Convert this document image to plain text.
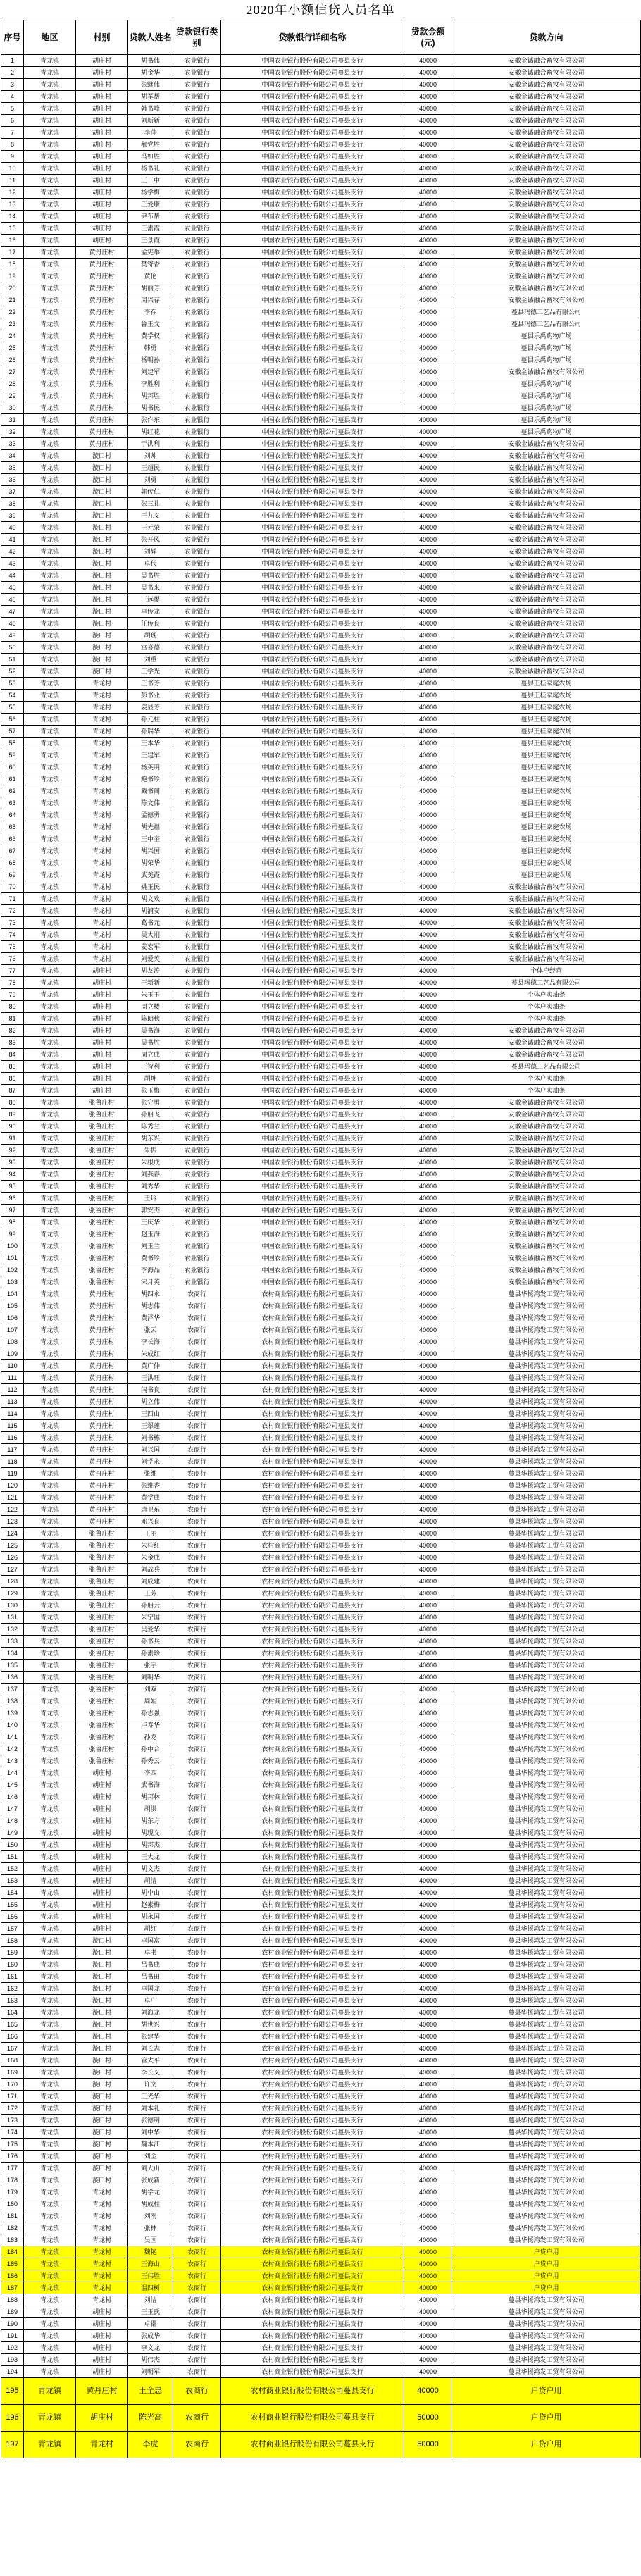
2020年小额信贷人员名单
序号	地区	村别	贷款人姓名	贷款银行类别	贷款银行详细名称	贷款金额(元)	贷款方向
1	青龙镇	胡庄村	胡书伟	农业银行	中国农业银行股份有限公司蔓县支行	40000	安徽金诚融合畜牧有限公司
2	青龙镇	胡庄村	胡金华	农业银行	中国农业银行股份有限公司蔓县支行	40000	安徽金诚融合畜牧有限公司
3	青龙镇	胡庄村	张继伟	农业银行	中国农业银行股份有限公司蔓县支行	40000	安徽金诚融合畜牧有限公司
4	青龙镇	胡庄村	胡军帮	农业银行	中国农业银行股份有限公司蔓县支行	40000	安徽金诚融合畜牧有限公司
5	青龙镇	胡庄村	韩书峰	农业银行	中国农业银行股份有限公司蔓县支行	40000	安徽金诚融合畜牧有限公司
6	青龙镇	胡庄村	刘新新	农业银行	中国农业银行股份有限公司蔓县支行	40000	安徽金诚融合畜牧有限公司
7	青龙镇	胡庄村	李萍	农业银行	中国农业银行股份有限公司蔓县支行	40000	安徽金诚融合畜牧有限公司
8	青龙镇	胡庄村	郝党胜	农业银行	中国农业银行股份有限公司蔓县支行	40000	安徽金诚融合畜牧有限公司
9	青龙镇	胡庄村	冯如胜	农业银行	中国农业银行股份有限公司蔓县支行	40000	安徽金诚融合畜牧有限公司
10	青龙镇	胡庄村	杨书礼	农业银行	中国农业银行股份有限公司蔓县支行	40000	安徽金诚融合畜牧有限公司
11	青龙镇	胡庄村	王三中	农业银行	中国农业银行股份有限公司蔓县支行	40000	安徽金诚融合畜牧有限公司
12	青龙镇	胡庄村	杨学梅	农业银行	中国农业银行股份有限公司蔓县支行	40000	安徽金诚融合畜牧有限公司
13	青龙镇	胡庄村	王爱康	农业银行	中国农业银行股份有限公司蔓县支行	40000	安徽金诚融合畜牧有限公司
14	青龙镇	胡庄村	尹布帮	农业银行	中国农业银行股份有限公司蔓县支行	40000	安徽金诚融合畜牧有限公司
15	青龙镇	胡庄村	王素霞	农业银行	中国农业银行股份有限公司蔓县支行	40000	安徽金诚融合畜牧有限公司
16	青龙镇	胡庄村	王景霞	农业银行	中国农业银行股份有限公司蔓县支行	40000	安徽金诚融合畜牧有限公司
17	青龙镇	黄丹庄村	孟宪举	农业银行	中国农业银行股份有限公司蔓县支行	40000	安徽金诚融合畜牧有限公司
18	青龙镇	黄丹庄村	樊寄香	农业银行	中国农业银行股份有限公司蔓县支行	40000	安徽金诚融合畜牧有限公司
19	青龙镇	黄丹庄村	黄伦	农业银行	中国农业银行股份有限公司蔓县支行	40000	安徽金诚融合畜牧有限公司
20	青龙镇	黄丹庄村	胡丽芳	农业银行	中国农业银行股份有限公司蔓县支行	40000	安徽金诚融合畜牧有限公司
21	青龙镇	黄丹庄村	周兴存	农业银行	中国农业银行股份有限公司蔓县支行	40000	安徽金诚融合畜牧有限公司
22	青龙镇	黄丹庄村	李存	农业银行	中国农业银行股份有限公司蔓县支行	40000	蔓县玛德工艺品有限公司
23	青龙镇	黄丹庄村	鲁王文	农业银行	中国农业银行股份有限公司蔓县支行	40000	蔓县玛德工艺品有限公司
24	青龙镇	黄丹庄村	黄学权	农业银行	中国农业银行股份有限公司蔓县支行	40000	蔓县乐禹购物广场
25	青龙镇	黄丹庄村	韩勇	农业银行	中国农业银行股份有限公司蔓县支行	40000	蔓县乐禹购物广场
26	青龙镇	黄丹庄村	杨明孙	农业银行	中国农业银行股份有限公司蔓县支行	40000	蔓县乐禹购物广场
27	青龙镇	黄丹庄村	刘建军	农业银行	中国农业银行股份有限公司蔓县支行	40000	安徽金诚融合畜牧有限公司
28	青龙镇	黄丹庄村	李胜利	农业银行	中国农业银行股份有限公司蔓县支行	40000	蔓县乐禹购物广场
29	青龙镇	黄丹庄村	胡邦胜	农业银行	中国农业银行股份有限公司蔓县支行	40000	蔓县乐禹购物广场
30	青龙镇	黄丹庄村	胡书民	农业银行	中国农业银行股份有限公司蔓县支行	40000	蔓县乐禹购物广场
31	青龙镇	黄丹庄村	张作东	农业银行	中国农业银行股份有限公司蔓县支行	40000	蔓县乐禹购物广场
32	青龙镇	黄丹庄村	胡红花	农业银行	中国农业银行股份有限公司蔓县支行	40000	蔓县乐禹购物广场
33	青龙镇	黄丹庄村	于洪利	农业银行	中国农业银行股份有限公司蔓县支行	40000	安徽金诚融合畜牧有限公司
34	青龙镇	漩口村	刘帅	农业银行	中国农业银行股份有限公司蔓县支行	40000	安徽金诚融合畜牧有限公司
35	青龙镇	漩口村	王超民	农业银行	中国农业银行股份有限公司蔓县支行	40000	安徽金诚融合畜牧有限公司
36	青龙镇	漩口村	刘勇	农业银行	中国农业银行股份有限公司蔓县支行	40000	安徽金诚融合畜牧有限公司
37	青龙镇	漩口村	郭传仁	农业银行	中国农业银行股份有限公司蔓县支行	40000	安徽金诚融合畜牧有限公司
38	青龙镇	漩口村	张三礼	农业银行	中国农业银行股份有限公司蔓县支行	40000	安徽金诚融合畜牧有限公司
39	青龙镇	漩口村	王九义	农业银行	中国农业银行股份有限公司蔓县支行	40000	安徽金诚融合畜牧有限公司
40	青龙镇	漩口村	王元荣	农业银行	中国农业银行股份有限公司蔓县支行	40000	安徽金诚融合畜牧有限公司
41	青龙镇	漩口村	张开风	农业银行	中国农业银行股份有限公司蔓县支行	40000	安徽金诚融合畜牧有限公司
42	青龙镇	漩口村	刘辉	农业银行	中国农业银行股份有限公司蔓县支行	40000	安徽金诚融合畜牧有限公司
43	青龙镇	漩口村	卓代	农业银行	中国农业银行股份有限公司蔓县支行	40000	安徽金诚融合畜牧有限公司
44	青龙镇	漩口村	吴书胜	农业银行	中国农业银行股份有限公司蔓县支行	40000	安徽金诚融合畜牧有限公司
45	青龙镇	漩口村	吴书来	农业银行	中国农业银行股份有限公司蔓县支行	40000	安徽金诚融合畜牧有限公司
46	青龙镇	漩口村	王远提	农业银行	中国农业银行股份有限公司蔓县支行	40000	安徽金诚融合畜牧有限公司
47	青龙镇	漩口村	卓传龙	农业银行	中国农业银行股份有限公司蔓县支行	40000	安徽金诚融合畜牧有限公司
48	青龙镇	漩口村	任传良	农业银行	中国农业银行股份有限公司蔓县支行	40000	安徽金诚融合畜牧有限公司
49	青龙镇	漩口村	胡现	农业银行	中国农业银行股份有限公司蔓县支行	40000	安徽金诚融合畜牧有限公司
50	青龙镇	漩口村	宫喜德	农业银行	中国农业银行股份有限公司蔓县支行	40000	安徽金诚融合畜牧有限公司
51	青龙镇	漩口村	刘重	农业银行	中国农业银行股份有限公司蔓县支行	40000	安徽金诚融合畜牧有限公司
52	青龙镇	漩口村	王学光	农业银行	中国农业银行股份有限公司蔓县支行	40000	安徽金诚融合畜牧有限公司
53	青龙镇	青龙村	王书芳	农业银行	中国农业银行股份有限公司蔓县支行	40000	蔓县王桂家庭农场
54	青龙镇	青龙村	彭书业	农业银行	中国农业银行股份有限公司蔓县支行	40000	蔓县王桂家庭农场
55	青龙镇	青龙村	姜显芳	农业银行	中国农业银行股份有限公司蔓县支行	40000	蔓县王桂家庭农场
56	青龙镇	青龙村	孙元柱	农业银行	中国农业银行股份有限公司蔓县支行	40000	蔓县王桂家庭农场
57	青龙镇	青龙村	孙瑞华	农业银行	中国农业银行股份有限公司蔓县支行	40000	蔓县王桂家庭农场
58	青龙镇	青龙村	王本华	农业银行	中国农业银行股份有限公司蔓县支行	40000	蔓县王桂家庭农场
59	青龙镇	青龙村	王建军	农业银行	中国农业银行股份有限公司蔓县支行	40000	蔓县王桂家庭农场
60	青龙镇	青龙村	杨英明	农业银行	中国农业银行股份有限公司蔓县支行	40000	蔓县王桂家庭农场
61	青龙镇	青龙村	鲍书珍	农业银行	中国农业银行股份有限公司蔓县支行	40000	蔓县王桂家庭农场
62	青龙镇	青龙村	戴书阁	农业银行	中国农业银行股份有限公司蔓县支行	40000	蔓县王桂家庭农场
63	青龙镇	青龙村	陈文伟	农业银行	中国农业银行股份有限公司蔓县支行	40000	蔓县王桂家庭农场
64	青龙镇	青龙村	孟德勇	农业银行	中国农业银行股份有限公司蔓县支行	40000	蔓县王桂家庭农场
65	青龙镇	青龙村	胡先福	农业银行	中国农业银行股份有限公司蔓县支行	40000	蔓县王桂家庭农场
66	青龙镇	青龙村	王中奎	农业银行	中国农业银行股份有限公司蔓县支行	40000	蔓县王桂家庭农场
67	青龙镇	青龙村	胡兴国	农业银行	中国农业银行股份有限公司蔓县支行	40000	蔓县王桂家庭农场
68	青龙镇	青龙村	胡荣华	农业银行	中国农业银行股份有限公司蔓县支行	40000	蔓县王桂家庭农场
69	青龙镇	青龙村	武美霞	农业银行	中国农业银行股份有限公司蔓县支行	40000	蔓县王桂家庭农场
70	青龙镇	青龙村	姚玉民	农业银行	中国农业银行股份有限公司蔓县支行	40000	安徽金诚融合畜牧有限公司
71	青龙镇	青龙村	胡文欢	农业银行	中国农业银行股份有限公司蔓县支行	40000	安徽金诚融合畜牧有限公司
72	青龙镇	青龙村	胡浦安	农业银行	中国农业银行股份有限公司蔓县支行	40000	安徽金诚融合畜牧有限公司
73	青龙镇	青龙村	葛书元	农业银行	中国农业银行股份有限公司蔓县支行	40000	安徽金诚融合畜牧有限公司
74	青龙镇	青龙村	吴大刚	农业银行	中国农业银行股份有限公司蔓县支行	40000	安徽金诚融合畜牧有限公司
75	青龙镇	青龙村	姜宏军	农业银行	中国农业银行股份有限公司蔓县支行	40000	安徽金诚融合畜牧有限公司
76	青龙镇	青龙村	刘爱英	农业银行	中国农业银行股份有限公司蔓县支行	40000	安徽金诚融合畜牧有限公司
77	青龙镇	胡庄村	胡友涛	农业银行	中国农业银行股份有限公司蔓县支行	40000	个体户经营
78	青龙镇	胡庄村	王新新	农业银行	中国农业银行股份有限公司蔓县支行	40000	蔓县玛德工艺品有限公司
79	青龙镇	胡庄村	朱玉玉	农业银行	中国农业银行股份有限公司蔓县支行	40000	个体户卖油条
80	青龙镇	胡庄村	周立楼	农业银行	中国农业银行股份有限公司蔓县支行	40000	个体户卖油条
81	青龙镇	胡庄村	陈朗秋	农业银行	中国农业银行股份有限公司蔓县支行	40000	个体户卖油条
82	青龙镇	胡庄村	吴书海	农业银行	中国农业银行股份有限公司蔓县支行	40000	安徽金诚融合畜牧有限公司
83	青龙镇	胡庄村	吴书胜	农业银行	中国农业银行股份有限公司蔓县支行	40000	安徽金诚融合畜牧有限公司
84	青龙镇	胡庄村	周立成	农业银行	中国农业银行股份有限公司蔓县支行	40000	安徽金诚融合畜牧有限公司
85	青龙镇	胡庄村	王智利	农业银行	中国农业银行股份有限公司蔓县支行	40000	蔓县玛德工艺品有限公司
86	青龙镇	胡庄村	胡坤	农业银行	中国农业银行股份有限公司蔓县支行	40000	个体户卖油条
87	青龙镇	胡庄村	张玉梅	农业银行	中国农业银行股份有限公司蔓县支行	40000	个体户卖油条
88	青龙镇	张鲁庄村	张守勇	农业银行	中国农业银行股份有限公司蔓县支行	40000	安徽金诚融合畜牧有限公司
89	青龙镇	张鲁庄村	孙朋飞	农业银行	中国农业银行股份有限公司蔓县支行	40000	安徽金诚融合畜牧有限公司
90	青龙镇	张鲁庄村	陈秀兰	农业银行	中国农业银行股份有限公司蔓县支行	40000	安徽金诚融合畜牧有限公司
91	青龙镇	张鲁庄村	胡东兴	农业银行	中国农业银行股份有限公司蔓县支行	40000	安徽金诚融合畜牧有限公司
92	青龙镇	张鲁庄村	朱振	农业银行	中国农业银行股份有限公司蔓县支行	40000	安徽金诚融合畜牧有限公司
93	青龙镇	张鲁庄村	朱根成	农业银行	中国农业银行股份有限公司蔓县支行	40000	安徽金诚融合畜牧有限公司
94	青龙镇	张鲁庄村	刘燕春	农业银行	中国农业银行股份有限公司蔓县支行	40000	安徽金诚融合畜牧有限公司
95	青龙镇	张鲁庄村	刘秀华	农业银行	中国农业银行股份有限公司蔓县支行	40000	安徽金诚融合畜牧有限公司
96	青龙镇	张鲁庄村	王玲	农业银行	中国农业银行股份有限公司蔓县支行	40000	安徽金诚融合畜牧有限公司
97	青龙镇	张鲁庄村	郭安杰	农业银行	中国农业银行股份有限公司蔓县支行	40000	安徽金诚融合畜牧有限公司
98	青龙镇	张鲁庄村	王庆华	农业银行	中国农业银行股份有限公司蔓县支行	40000	安徽金诚融合畜牧有限公司
99	青龙镇	张鲁庄村	赵玉海	农业银行	中国农业银行股份有限公司蔓县支行	40000	安徽金诚融合畜牧有限公司
100	青龙镇	张鲁庄村	刘玉兰	农业银行	中国农业银行股份有限公司蔓县支行	40000	安徽金诚融合畜牧有限公司
101	青龙镇	张鲁庄村	黄书珍	农业银行	中国农业银行股份有限公司蔓县支行	40000	安徽金诚融合畜牧有限公司
102	青龙镇	张鲁庄村	李海晶	农业银行	中国农业银行股份有限公司蔓县支行	40000	安徽金诚融合畜牧有限公司
103	青龙镇	张鲁庄村	宋月英	农业银行	中国农业银行股份有限公司蔓县支行	40000	安徽金诚融合畜牧有限公司
104	青龙镇	黄丹庄村	胡四永	农商行	农村商业银行股份有限公司蔓县支行	40000	蔓县华扬鸿发工贸有限公司
105	青龙镇	黄丹庄村	胡志伟	农商行	农村商业银行股份有限公司蔓县支行	40000	蔓县华扬鸿发工贸有限公司
106	青龙镇	黄丹庄村	黄泽华	农商行	农村商业银行股份有限公司蔓县支行	40000	蔓县华扬鸿发工贸有限公司
107	青龙镇	黄丹庄村	张云	农商行	农村商业银行股份有限公司蔓县支行	40000	蔓县华扬鸿发工贸有限公司
108	青龙镇	黄丹庄村	李长海	农商行	农村商业银行股份有限公司蔓县支行	40000	蔓县华扬鸿发工贸有限公司
109	青龙镇	黄丹庄村	朱成红	农商行	农村商业银行股份有限公司蔓县支行	40000	蔓县华扬鸿发工贸有限公司
110	青龙镇	黄丹庄村	黄广仲	农商行	农村商业银行股份有限公司蔓县支行	40000	蔓县华扬鸿发工贸有限公司
111	青龙镇	黄丹庄村	王洪旺	农商行	农村商业银行股份有限公司蔓县支行	40000	蔓县华扬鸿发工贸有限公司
112	青龙镇	黄丹庄村	闫书良	农商行	农村商业银行股份有限公司蔓县支行	40000	蔓县华扬鸿发工贸有限公司
113	青龙镇	黄丹庄村	胡立伟	农商行	农村商业银行股份有限公司蔓县支行	40000	蔓县华扬鸿发工贸有限公司
114	青龙镇	黄丹庄村	王四山	农商行	农村商业银行股份有限公司蔓县支行	40000	蔓县华扬鸿发工贸有限公司
115	青龙镇	黄丹庄村	王翠莲	农商行	农村商业银行股份有限公司蔓县支行	40000	蔓县华扬鸿发工贸有限公司
116	青龙镇	黄丹庄村	刘书栋	农商行	农村商业银行股份有限公司蔓县支行	40000	蔓县华扬鸿发工贸有限公司
117	青龙镇	黄丹庄村	刘兴国	农商行	农村商业银行股份有限公司蔓县支行	40000	蔓县华扬鸿发工贸有限公司
118	青龙镇	黄丹庄村	刘学永	农商行	农村商业银行股份有限公司蔓县支行	40000	蔓县华扬鸿发工贸有限公司
119	青龙镇	黄丹庄村	张维	农商行	农村商业银行股份有限公司蔓县支行	40000	蔓县华扬鸿发工贸有限公司
120	青龙镇	黄丹庄村	张维香	农商行	农村商业银行股份有限公司蔓县支行	40000	蔓县华扬鸿发工贸有限公司
121	青龙镇	黄丹庄村	黄学成	农商行	农村商业银行股份有限公司蔓县支行	40000	蔓县华扬鸿发工贸有限公司
122	青龙镇	黄丹庄村	唐卫东	农商行	农村商业银行股份有限公司蔓县支行	40000	蔓县华扬鸿发工贸有限公司
123	青龙镇	黄丹庄村	邓兴良	农商行	农村商业银行股份有限公司蔓县支行	40000	蔓县华扬鸿发工贸有限公司
124	青龙镇	张鲁庄村	王丽	农商行	农村商业银行股份有限公司蔓县支行	40000	蔓县华扬鸿发工贸有限公司
125	青龙镇	张鲁庄村	朱桂红	农商行	农村商业银行股份有限公司蔓县支行	40000	蔓县华扬鸿发工贸有限公司
126	青龙镇	张鲁庄村	朱金成	农商行	农村商业银行股份有限公司蔓县支行	40000	蔓县华扬鸿发工贸有限公司
127	青龙镇	张鲁庄村	刘战兵	农商行	农村商业银行股份有限公司蔓县支行	40000	蔓县华扬鸿发工贸有限公司
128	青龙镇	张鲁庄村	刘成建	农商行	农村商业银行股份有限公司蔓县支行	40000	蔓县华扬鸿发工贸有限公司
129	青龙镇	张鲁庄村	王芳	农商行	农村商业银行股份有限公司蔓县支行	40000	蔓县华扬鸿发工贸有限公司
130	青龙镇	张鲁庄村	孙朋云	农商行	农村商业银行股份有限公司蔓县支行	40000	蔓县华扬鸿发工贸有限公司
131	青龙镇	张鲁庄村	朱宁国	农商行	农村商业银行股份有限公司蔓县支行	40000	蔓县华扬鸿发工贸有限公司
132	青龙镇	张鲁庄村	吴爱华	农商行	农村商业银行股份有限公司蔓县支行	40000	蔓县华扬鸿发工贸有限公司
133	青龙镇	张鲁庄村	孙书兵	农商行	农村商业银行股份有限公司蔓县支行	40000	蔓县华扬鸿发工贸有限公司
134	青龙镇	张鲁庄村	孙素珍	农商行	农村商业银行股份有限公司蔓县支行	40000	蔓县华扬鸿发工贸有限公司
135	青龙镇	张鲁庄村	张宇	农商行	农村商业银行股份有限公司蔓县支行	40000	蔓县华扬鸿发工贸有限公司
136	青龙镇	张鲁庄村	刘明华	农商行	农村商业银行股份有限公司蔓县支行	40000	蔓县华扬鸿发工贸有限公司
137	青龙镇	张鲁庄村	刘双	农商行	农村商业银行股份有限公司蔓县支行	40000	蔓县华扬鸿发工贸有限公司
138	青龙镇	张鲁庄村	周娟	农商行	农村商业银行股份有限公司蔓县支行	40000	蔓县华扬鸿发工贸有限公司
139	青龙镇	张鲁庄村	孙志强	农商行	农村商业银行股份有限公司蔓县支行	40000	蔓县华扬鸿发工贸有限公司
140	青龙镇	张鲁庄村	卢寿华	农商行	农村商业银行股份有限公司蔓县支行	40000	蔓县华扬鸿发工贸有限公司
141	青龙镇	张鲁庄村	孙龙	农商行	农村商业银行股份有限公司蔓县支行	40000	蔓县华扬鸿发工贸有限公司
142	青龙镇	张鲁庄村	孙中合	农商行	农村商业银行股份有限公司蔓县支行	40000	蔓县华扬鸿发工贸有限公司
143	青龙镇	张鲁庄村	孙秀云	农商行	农村商业银行股份有限公司蔓县支行	40000	蔓县华扬鸿发工贸有限公司
144	青龙镇	胡庄村	李四	农商行	农村商业银行股份有限公司蔓县支行	40000	蔓县华扬鸿发工贸有限公司
145	青龙镇	胡庄村	武书海	农商行	农村商业银行股份有限公司蔓县支行	40000	蔓县华扬鸿发工贸有限公司
146	青龙镇	胡庄村	胡邦林	农商行	农村商业银行股份有限公司蔓县支行	40000	蔓县华扬鸿发工贸有限公司
147	青龙镇	胡庄村	胡洪	农商行	农村商业银行股份有限公司蔓县支行	40000	蔓县华扬鸿发工贸有限公司
148	青龙镇	胡庄村	胡东方	农商行	农村商业银行股份有限公司蔓县支行	40000	蔓县华扬鸿发工贸有限公司
149	青龙镇	胡庄村	胡现义	农商行	农村商业银行股份有限公司蔓县支行	40000	蔓县华扬鸿发工贸有限公司
150	青龙镇	胡庄村	胡邦杰	农商行	农村商业银行股份有限公司蔓县支行	40000	蔓县华扬鸿发工贸有限公司
151	青龙镇	胡庄村	王大龙	农商行	农村商业银行股份有限公司蔓县支行	40000	蔓县华扬鸿发工贸有限公司
152	青龙镇	胡庄村	胡文杰	农商行	农村商业银行股份有限公司蔓县支行	40000	蔓县华扬鸿发工贸有限公司
153	青龙镇	胡庄村	胡清	农商行	农村商业银行股份有限公司蔓县支行	40000	蔓县华扬鸿发工贸有限公司
154	青龙镇	胡庄村	胡中山	农商行	农村商业银行股份有限公司蔓县支行	40000	蔓县华扬鸿发工贸有限公司
155	青龙镇	胡庄村	赵素梅	农商行	农村商业银行股份有限公司蔓县支行	40000	蔓县华扬鸿发工贸有限公司
156	青龙镇	胡庄村	胡永国	农商行	农村商业银行股份有限公司蔓县支行	40000	蔓县华扬鸿发工贸有限公司
157	青龙镇	胡庄村	胡红	农商行	农村商业银行股份有限公司蔓县支行	40000	蔓县华扬鸿发工贸有限公司
158	青龙镇	漩口村	卓国富	农商行	农村商业银行股份有限公司蔓县支行	40000	蔓县华扬鸿发工贸有限公司
159	青龙镇	漩口村	卓书	农商行	农村商业银行股份有限公司蔓县支行	40000	蔓县华扬鸿发工贸有限公司
160	青龙镇	漩口村	吕书成	农商行	农村商业银行股份有限公司蔓县支行	40000	蔓县华扬鸿发工贸有限公司
161	青龙镇	漩口村	吕书田	农商行	农村商业银行股份有限公司蔓县支行	40000	蔓县华扬鸿发工贸有限公司
162	青龙镇	漩口村	卓国龙	农商行	农村商业银行股份有限公司蔓县支行	40000	蔓县华扬鸿发工贸有限公司
163	青龙镇	漩口村	卓广	农商行	农村商业银行股份有限公司蔓县支行	40000	蔓县华扬鸿发工贸有限公司
164	青龙镇	漩口村	刘海龙	农商行	农村商业银行股份有限公司蔓县支行	40000	蔓县华扬鸿发工贸有限公司
165	青龙镇	漩口村	胡世兴	农商行	农村商业银行股份有限公司蔓县支行	40000	蔓县华扬鸿发工贸有限公司
166	青龙镇	漩口村	张建华	农商行	农村商业银行股份有限公司蔓县支行	40000	蔓县华扬鸿发工贸有限公司
167	青龙镇	漩口村	刘长志	农商行	农村商业银行股份有限公司蔓县支行	40000	蔓县华扬鸿发工贸有限公司
168	青龙镇	漩口村	管太平	农商行	农村商业银行股份有限公司蔓县支行	40000	蔓县华扬鸿发工贸有限公司
169	青龙镇	漩口村	李长义	农商行	农村商业银行股份有限公司蔓县支行	40000	蔓县华扬鸿发工贸有限公司
170	青龙镇	漩口村	许文	农商行	农村商业银行股份有限公司蔓县支行	40000	蔓县华扬鸿发工贸有限公司
171	青龙镇	漩口村	王光华	农商行	农村商业银行股份有限公司蔓县支行	40000	蔓县华扬鸿发工贸有限公司
172	青龙镇	漩口村	刘本礼	农商行	农村商业银行股份有限公司蔓县支行	40000	蔓县华扬鸿发工贸有限公司
173	青龙镇	漩口村	张德明	农商行	农村商业银行股份有限公司蔓县支行	40000	蔓县华扬鸿发工贸有限公司
174	青龙镇	漩口村	刘中华	农商行	农村商业银行股份有限公司蔓县支行	40000	蔓县华扬鸿发工贸有限公司
175	青龙镇	漩口村	魏本江	农商行	农村商业银行股份有限公司蔓县支行	40000	蔓县华扬鸿发工贸有限公司
176	青龙镇	漩口村	刘全	农商行	农村商业银行股份有限公司蔓县支行	40000	蔓县华扬鸿发工贸有限公司
177	青龙镇	漩口村	刘大山	农商行	农村商业银行股份有限公司蔓县支行	40000	蔓县华扬鸿发工贸有限公司
178	青龙镇	漩口村	张成新	农商行	农村商业银行股份有限公司蔓县支行	40000	蔓县华扬鸿发工贸有限公司
179	青龙镇	青龙村	胡学龙	农商行	农村商业银行股份有限公司蔓县支行	40000	蔓县华扬鸿发工贸有限公司
180	青龙镇	青龙村	胡成柱	农商行	农村商业银行股份有限公司蔓县支行	40000	蔓县华扬鸿发工贸有限公司
181	青龙镇	青龙村	刘雨	农商行	农村商业银行股份有限公司蔓县支行	40000	蔓县华扬鸿发工贸有限公司
182	青龙镇	青龙村	张林	农商行	农村商业银行股份有限公司蔓县支行	40000	蔓县华扬鸿发工贸有限公司
183	青龙镇	青龙村	吴国	农商行	农村商业银行股份有限公司蔓县支行	40000	蔓县华扬鸿发工贸有限公司
184	青龙镇	青龙村	魏艳	农商行	农村商业银行股份有限公司蔓县支行	40000	户贷户用
185	青龙镇	青龙村	王海山	农商行	农村商业银行股份有限公司蔓县支行	40000	户贷户用
186	青龙镇	青龙村	王伟胜	农商行	农村商业银行股份有限公司蔓县支行	40000	户贷户用
187	青龙镇	青龙村	温四树	农商行	农村商业银行股份有限公司蔓县支行	40000	户贷户用
188	青龙镇	青龙村	刘洁	农商行	农村商业银行股份有限公司蔓县支行	40000	蔓县华扬鸿发工贸有限公司
189	青龙镇	胡庄村	王玉氏	农商行	农村商业银行股份有限公司蔓县支行	40000	蔓县华扬鸿发工贸有限公司
190	青龙镇	胡庄村	卓群	农商行	农村商业银行股份有限公司蔓县支行	40000	蔓县华扬鸿发工贸有限公司
191	青龙镇	胡庄村	张成华	农商行	农村商业银行股份有限公司蔓县支行	40000	蔓县华扬鸿发工贸有限公司
192	青龙镇	胡庄村	李文龙	农商行	农村商业银行股份有限公司蔓县支行	40000	蔓县华扬鸿发工贸有限公司
193	青龙镇	胡庄村	胡伟杰	农商行	农村商业银行股份有限公司蔓县支行	40000	蔓县华扬鸿发工贸有限公司
194	青龙镇	胡庄村	刘明军	农商行	农村商业银行股份有限公司蔓县支行	40000	蔓县华扬鸿发工贸有限公司
195	青龙镇	黄丹庄村	王全忠	农商行	农村商业银行股份有限公司蔓县支行	40000	户贷户用
196	青龙镇	胡庄村	陈光高	农商行	农村商业银行股份有限公司蔓县支行	50000	户贷户用
197	青龙镇	青龙村	李虎	农商行	农村商业银行股份有限公司蔓县支行	50000	户贷户用
